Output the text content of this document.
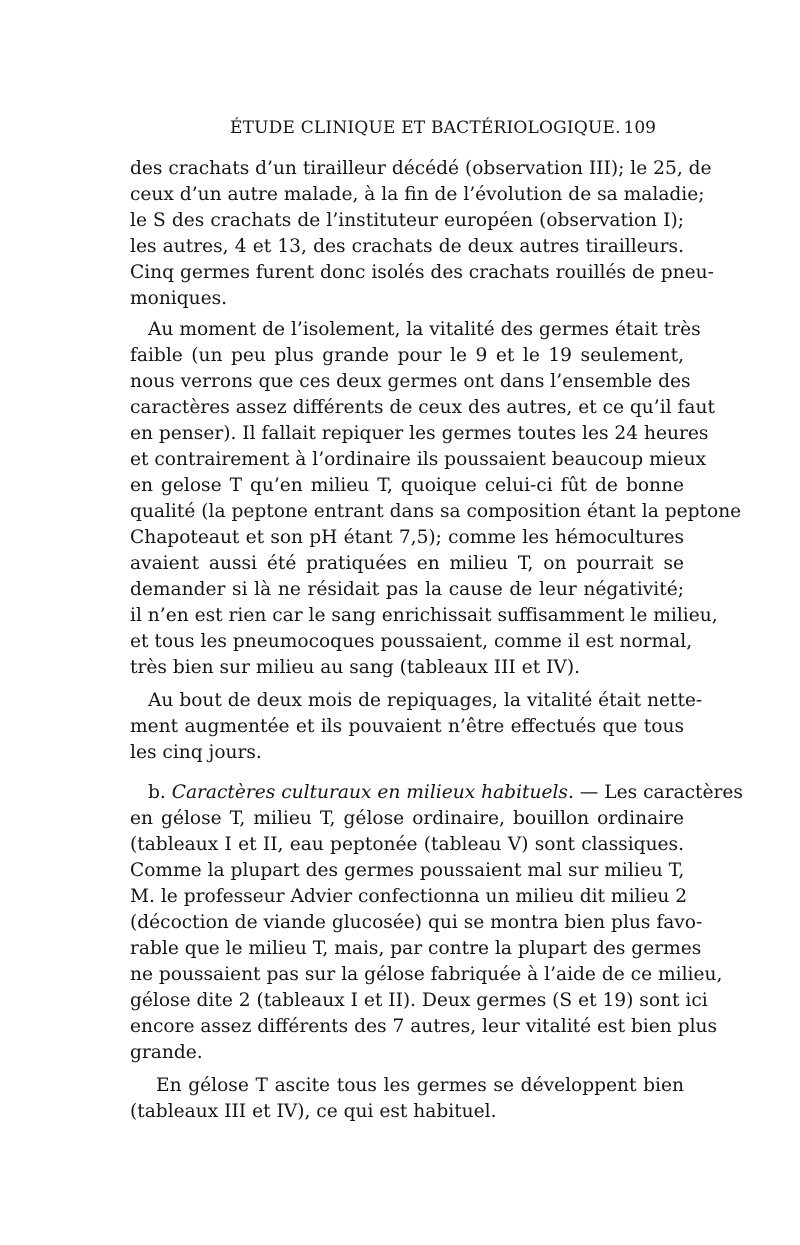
ÉTUDE CLINIQUE ET BACTÉRIOLOGIQUE. 109
des crachats d’un tirailleur décédé (observation III); le 25, de
ceux d’un autre malade, à la fin de l’évolution de sa maladie;
le S des crachats de l’instituteur européen (observation I);
les autres, 4 et 13, des crachats de deux autres tirailleurs.
Cinq germes furent donc isolés des crachats rouillés de pneu-
moniques.
Au moment de l’isolement, la vitalité des germes était très
faible (un peu plus grande pour le 9 et le 19 seulement,
nous verrons que ces deux germes ont dans l’ensemble des
caractères assez différents de ceux des autres, et ce qu’il faut
en penser). Il fallait repiquer les germes toutes les 24 heures
et contrairement à l’ordinaire ils poussaient beaucoup mieux
en gelose T qu’en milieu T, quoique celui-ci fût de bonne
qualité (la peptone entrant dans sa composition étant la peptone
Chapoteaut et son pH étant 7,5); comme les hémocultures
avaient aussi été pratiquées en milieu T, on pourrait se
demander si là ne résidait pas la cause de leur négativité;
il n’en est rien car le sang enrichissait suffisamment le milieu,
et tous les pneumocoques poussaient, comme il est normal,
très bien sur milieu au sang (tableaux III et IV).
Au bout de deux mois de repiquages, la vitalité était nette-
ment augmentée et ils pouvaient n’être effectués que tous
les cinq jours.
b. Caractères culturaux en milieux habituels. — Les caractères
en gélose T, milieu T, gélose ordinaire, bouillon ordinaire
(tableaux I et II, eau peptonée (tableau V) sont classiques.
Comme la plupart des germes poussaient mal sur milieu T,
M. le professeur Advier confectionna un milieu dit milieu 2
(décoction de viande glucosée) qui se montra bien plus favo-
rable que le milieu T, mais, par contre la plupart des germes
ne poussaient pas sur la gélose fabriquée à l’aide de ce milieu,
gélose dite 2 (tableaux I et II). Deux germes (S et 19) sont ici
encore assez différents des 7 autres, leur vitalité est bien plus
grande.
En gélose T ascite tous les germes se développent bien
(tableaux III et IV), ce qui est habituel.
